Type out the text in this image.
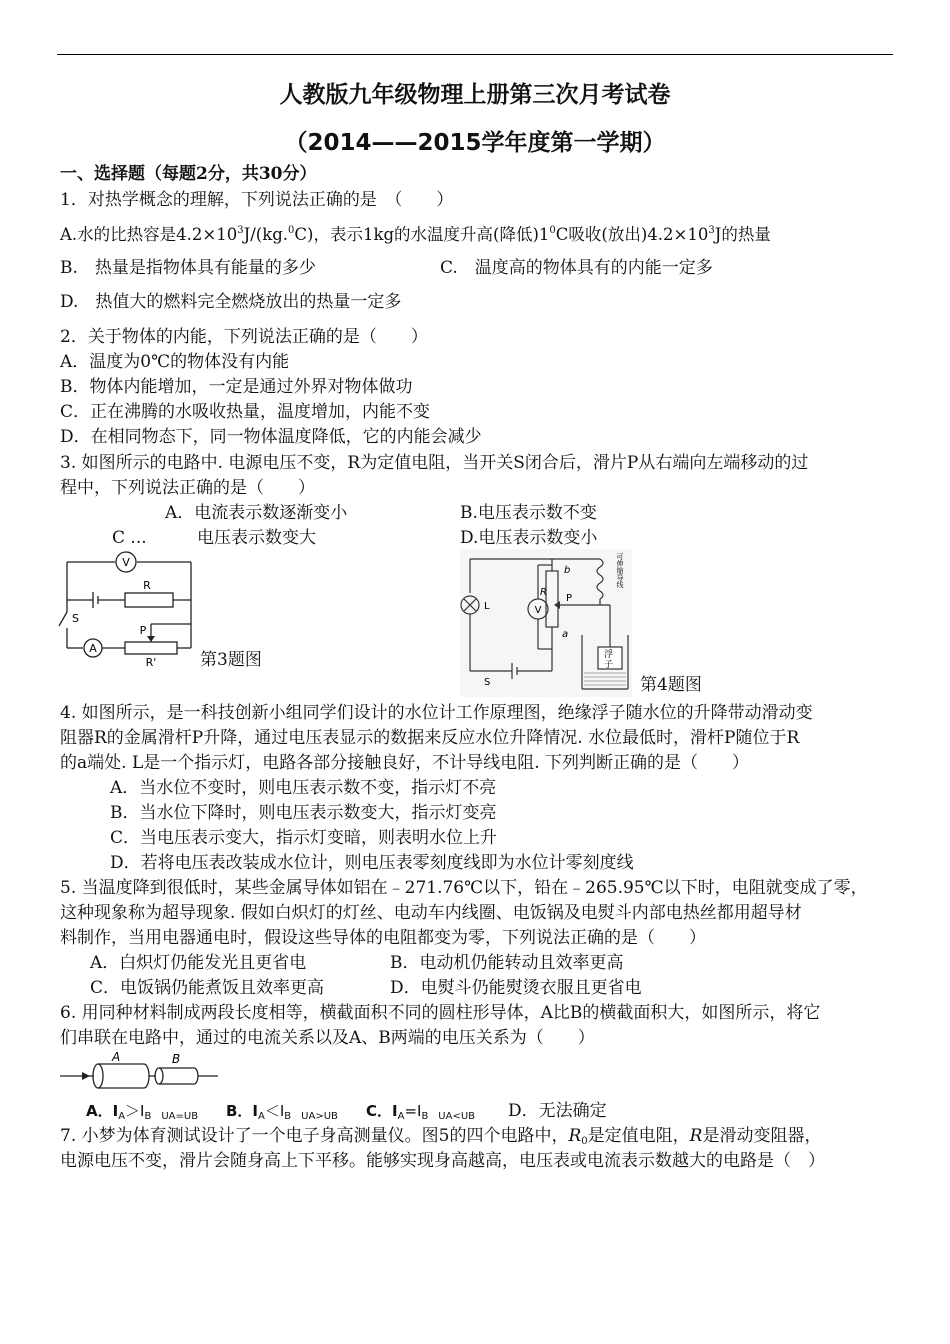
人教版九年级物理上册第三次月考试卷
（2014——2015学年度第一学期）
一、选择题（每题2分，共30分）
1．对热学概念的理解，下列说法正确的是　（　　）
A.水的比热容是$4.2\times 10^3J/(kg.^0C)$，表示1kg的水温度升高(降低)$1^0C$吸收(放出)$4.2\times 10^3J$的热量
B.　热量是指物体具有能量的多少	C.　温度高的物体具有的内能一定多
D.　热值大的燃料完全燃烧放出的热量一定多
2．关于物体的内能，下列说法正确的是（　　）
A．温度为0℃的物体没有内能
B．物体内能增加，一定是通过外界对物体做功
C．正在沸腾的水吸收热量，温度增加，内能不变
D．在相同物态下，同一物体温度降低，它的内能会减少
3. 如图所示的电路中. 电源电压不变，R为定值电阻，当开关S闭合后，滑片P从右端向左端移动的过
程中，下列说法正确的是（　　）
A．电流表示数逐渐变小	B.电压表示数不变
C ...	电压表示数变大	D.电压表示数变小
V
R
S
A
P
R'	第3题图
b
R
P
L	V
a
S
可伸缩导线
浮
子
第4题图
4. 如图所示，是一科技创新小组同学们设计的水位计工作原理图，绝缘浮子随水位的升降带动滑动变
阻器R的金属滑杆P升降，通过电压表显示的数据来反应水位升降情况. 水位最低时，滑杆P随位于R
的a端处. L是一个指示灯，电路各部分接触良好，不计导线电阻. 下列判断正确的是（　　）
A．当水位不变时，则电压表示数不变，指示灯不亮
B．当水位下降时，则电压表示数变大，指示灯变亮
C．当电压表示变大，指示灯变暗，则表明水位上升
D．若将电压表改装成水位计，则电压表零刻度线即为水位计零刻度线
5. 当温度降到很低时，某些金属导体如铝在﹣271.76℃以下，铅在﹣265.95℃以下时，电阻就变成了零，
这种现象称为超导现象. 假如白炽灯的灯丝、电动车内线圈、电饭锅及电熨斗内部电热丝都用超导材
料制作，当用电器通电时，假设这些导体的电阻都变为零，下列说法正确的是（　　）
A．白炽灯仍能发光且更省电	B．电动机仍能转动且效率更高
C．电饭锅仍能煮饭且效率更高	D．电熨斗仍能熨烫衣服且更省电
6. 用同种材料制成两段长度相等，横截面积不同的圆柱形导体，A比B的横截面积大，如图所示，将它
们串联在电路中，通过的电流关系以及A、B两端的电压关系为（　　）
A	B
A．$I_A>I_{B UA=UB}$ B．$I_A<I_{B UA>UB}$ C．$I_A=I_{B UA<UB}$ D．无法确定
7. 小梦为体育测试设计了一个电子身高测量仪。图5的四个电路中，R0是定值电阻，R是滑动变阻器，
电源电压不变，滑片会随身高上下平移。能够实现身高越高，电压表或电流表示数越大的电路是（　）
